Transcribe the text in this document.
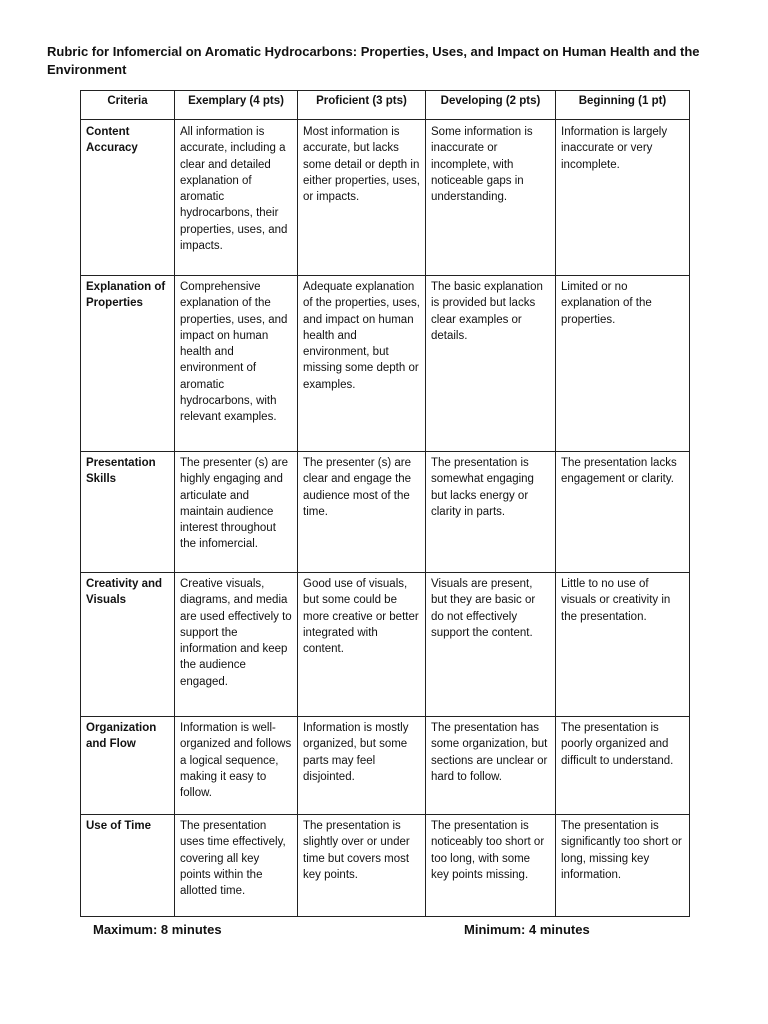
Rubric for Infomercial on Aromatic Hydrocarbons: Properties, Uses, and Impact on Human Health and the Environment
Criteria	Exemplary (4 pts)	Proficient (3 pts)	Developing (2 pts)	Beginning (1 pt)
Content Accuracy	All information is accurate, including a clear and detailed explanation of aromatic hydrocarbons, their properties, uses, and impacts.	Most information is accurate, but lacks some detail or depth in either properties, uses, or impacts.	Some information is inaccurate or incomplete, with noticeable gaps in understanding.	Information is largely inaccurate or very incomplete.
Explanation of Properties	Comprehensive explanation of the properties, uses, and impact on human health and environment of aromatic hydrocarbons, with relevant examples.	Adequate explanation of the properties, uses, and impact on human health and environment, but missing some depth or examples.	The basic explanation is provided but lacks clear examples or details.	Limited or no explanation of the properties.
Presentation Skills	The presenter (s) are highly engaging and articulate and maintain audience interest throughout the infomercial.	The presenter (s) are clear and engage the audience most of the time.	The presentation is somewhat engaging but lacks energy or clarity in parts.	The presentation lacks engagement or clarity.
Creativity and Visuals	Creative visuals, diagrams, and media are used effectively to support the information and keep the audience engaged.	Good use of visuals, but some could be more creative or better integrated with content.	Visuals are present, but they are basic or do not effectively support the content.	Little to no use of visuals or creativity in the presentation.
Organization and Flow	Information is well-organized and follows a logical sequence, making it easy to follow.	Information is mostly organized, but some parts may feel disjointed.	The presentation has some organization, but sections are unclear or hard to follow.	The presentation is poorly organized and difficult to understand.
Use of Time	The presentation uses time effectively, covering all key points within the allotted time.	The presentation is slightly over or under time but covers most key points.	The presentation is noticeably too short or too long, with some key points missing.	The presentation is significantly too short or long, missing key information.
Maximum: 8 minutes	Minimum: 4 minutes
